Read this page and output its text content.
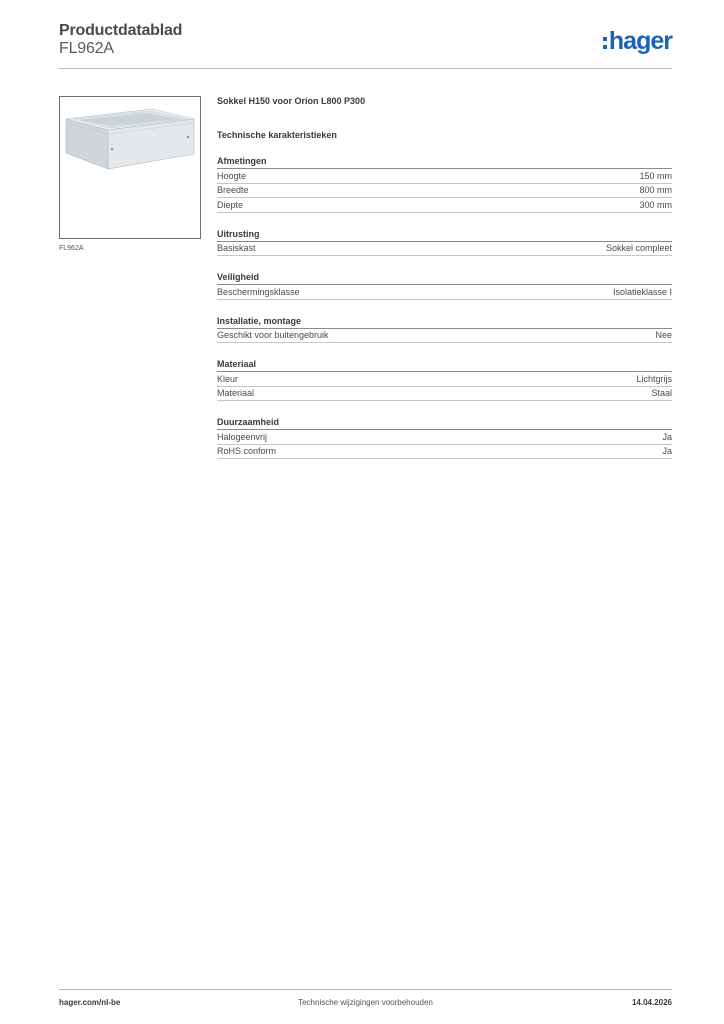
Productdatablad
FL962A	hager
FL962A
Sokkel H150 voor Orion L800 P300
Technische karakteristieken
Afmetingen
Hoogte	150 mm
Breedte	800 mm
Diepte	300 mm
Uitrusting
Basiskast	Sokkel compleet
Veiligheid
Beschermingsklasse	Isolatieklasse I
Installatie, montage
Geschikt voor buitengebruik	Nee
Materiaal
Kleur	Lichtgrijs
Materiaal	Staal
Duurzaamheid
Halogeenvrij	Ja
RoHS conform	Ja
Technische wijzigingen voorbehouden
hager.com/nl-be	14.04.2026
